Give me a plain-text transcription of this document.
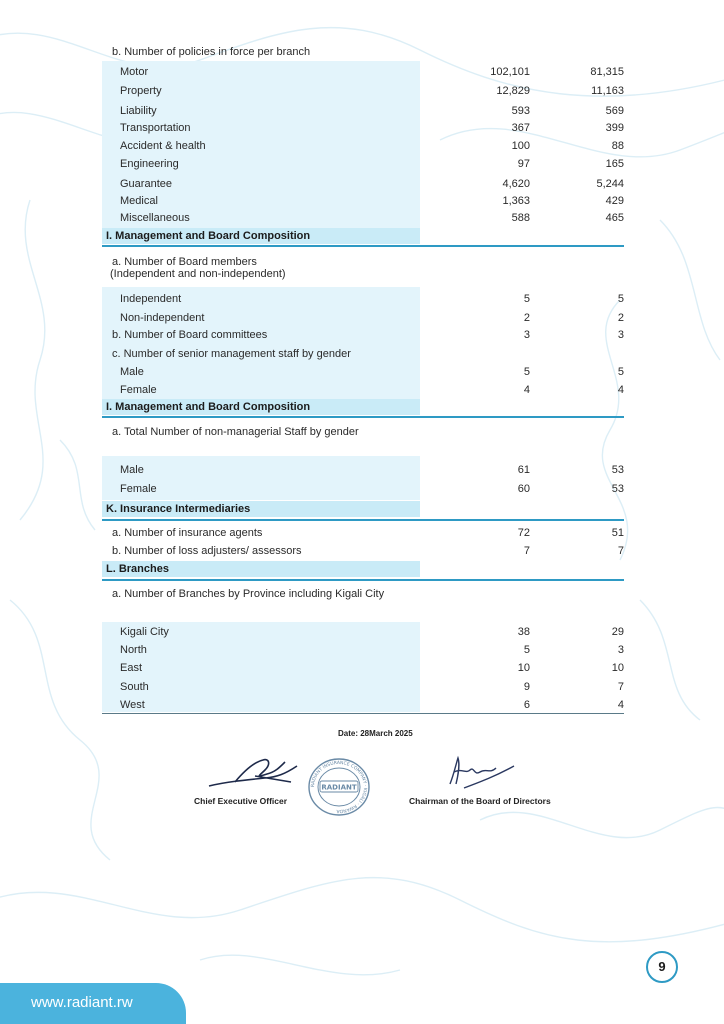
b. Number of policies in force per branch
Motor	102,101	81,315
Property	12,829	11,163
Liability	593	569
Transportation	367	399
Accident & health	100	88
Engineering	97	165
Guarantee	4,620	5,244
Medical	1,363	429
Miscellaneous	588	465
I. Management and Board Composition
a. Number of Board members
(Independent and non-independent)
Independent	5	5
Non-independent	2	2
b. Number of Board committees	3	3
c. Number of senior management staff by gender
Male	5	5
Female	4	4
I. Management and Board Composition
a. Total Number of non-managerial Staff by gender
Male	61	53
Female	60	53
K. Insurance Intermediaries
a. Number of insurance agents	72	51
b. Number of loss adjusters/ assessors	7	7
L. Branches
a. Number of Branches by Province including Kigali City
Kigali City	38	29
North	5	3
East	10	10
South	9	7
West	6	4
Date: 28March 2025
RADIANT INSURANCE COMPANY · KIGALI · RWANDA
RADIANT
Chief Executive Officer	Chairman of the Board of Directors
9
www.radiant.rw
